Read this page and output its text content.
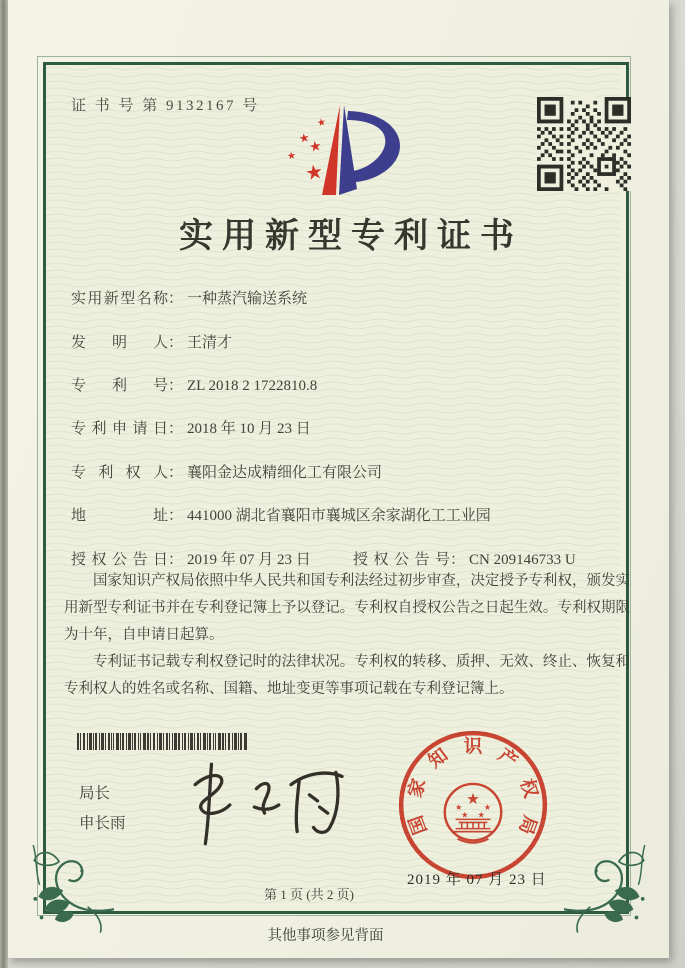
证 书 号 第 9132167 号
★
★
★
★
★
实用新型专利证书
实用新型名称： 一种蒸汽输送系统
发明人： 王清才
专利号： ZL 2018 2 1722810.8
专利申请日： 2018 年 10 月 23 日
专利权人： 襄阳金达成精细化工有限公司
地址： 441000 湖北省襄阳市襄城区余家湖化工工业园
授权公告日： 2019 年 07 月 23 日	授权公告号： CN 209146733 U

国家知识产权局依照中华人民共和国专利法经过初步审查，决定授予专利权，颁发实用新型专利证书并在专利登记簿上予以登记。专利权自授权公告之日起生效。专利权期限为十年，自申请日起算。

专利证书记载专利权登记时的法律状况。专利权的转移、质押、无效、终止、恢复和专利权人的姓名或名称、国籍、地址变更等事项记载在专利登记簿上。

局长
申长雨	国
家
知 识 产
权
局
★
★
★
★
★
2019 年 07 月 23 日
第 1 页 (共 2 页)
其他事项参见背面
